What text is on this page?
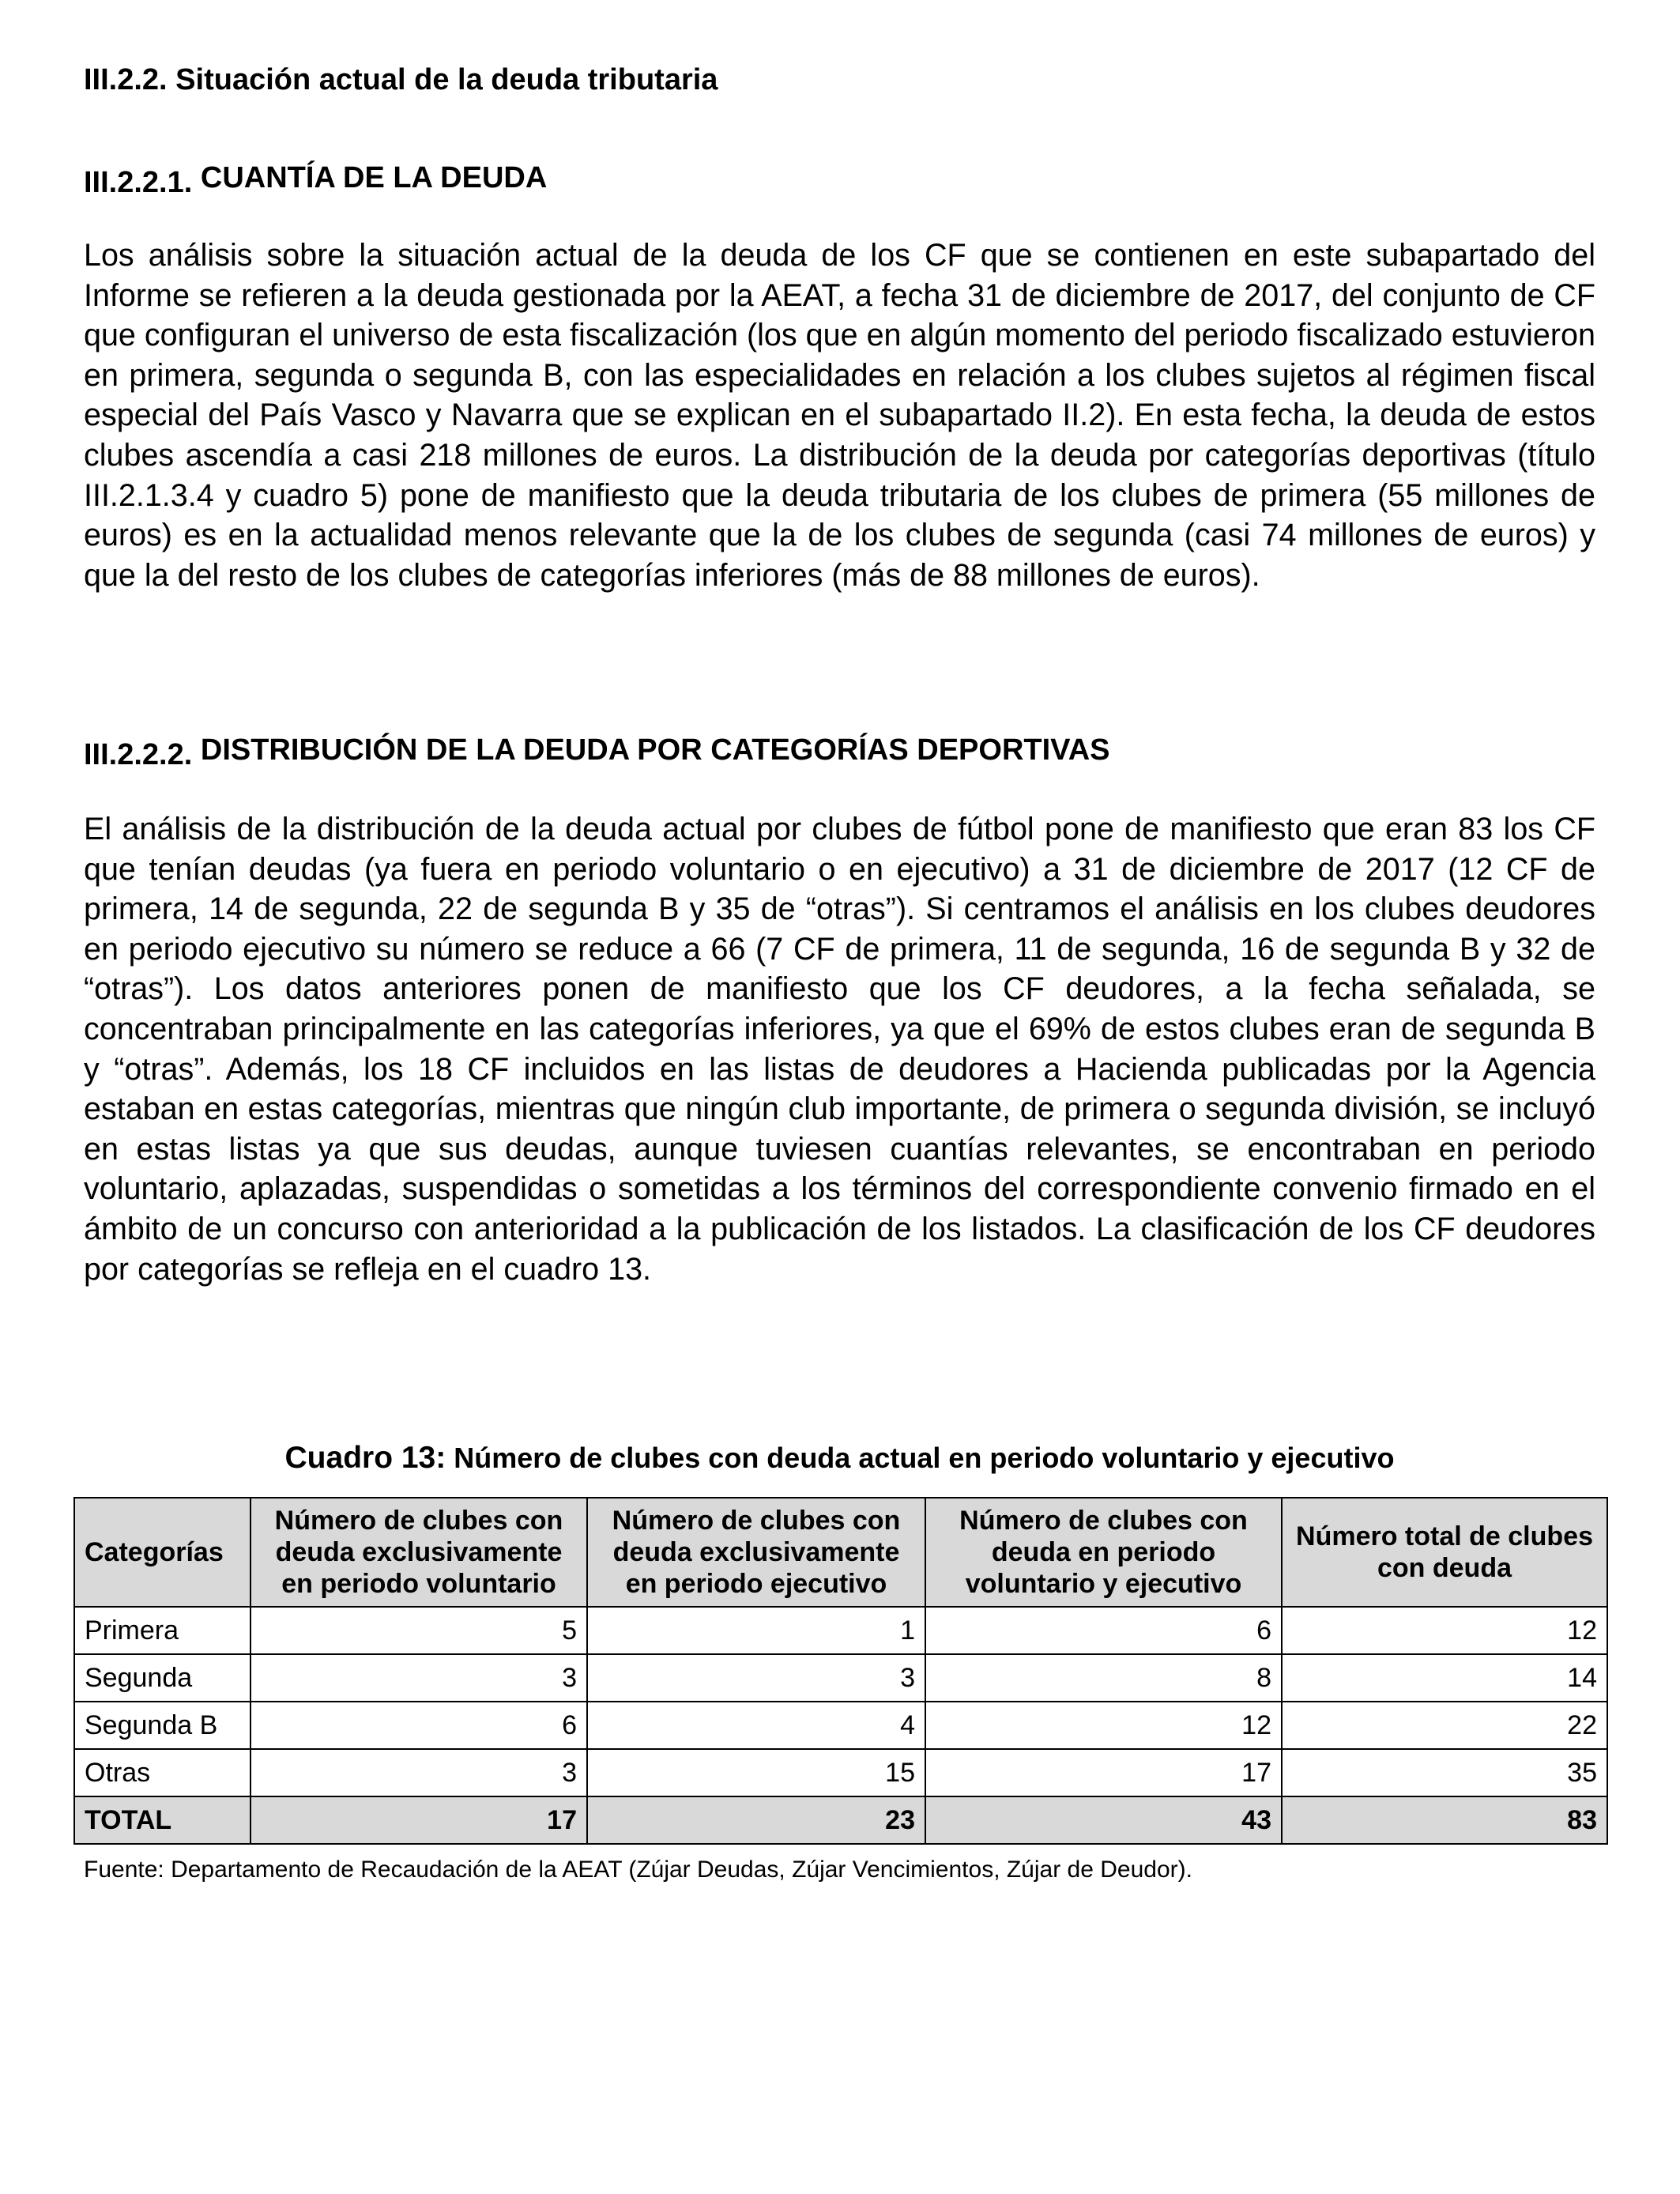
III.2.2. Situación actual de la deuda tributaria
III.2.2.1. CUANTÍA DE LA DEUDA

Los análisis sobre la situación actual de la deuda de los CF que se contienen en este subapartado del Informe se refieren a la deuda gestionada por la AEAT, a fecha 31 de diciembre de 2017, del conjunto de CF que configuran el universo de esta fiscalización (los que en algún momento del periodo fiscalizado estuvieron en primera, segunda o segunda B, con las especialidades en relación a los clubes sujetos al régimen fiscal especial del País Vasco y Navarra que se explican en el subapartado II.2). En esta fecha, la deuda de estos clubes ascendía a casi 218 millones de euros. La distribución de la deuda por categorías deportivas (título III.2.1.3.4 y cuadro 5) pone de manifiesto que la deuda tributaria de los clubes de primera (55 millones de euros) es en la actualidad menos relevante que la de los clubes de segunda (casi 74 millones de euros) y que la del resto de los clubes de categorías inferiores (más de 88 millones de euros).

III.2.2.2. DISTRIBUCIÓN DE LA DEUDA POR CATEGORÍAS DEPORTIVAS

El análisis de la distribución de la deuda actual por clubes de fútbol pone de manifiesto que eran 83 los CF que tenían deudas (ya fuera en periodo voluntario o en ejecutivo) a 31 de diciembre de 2017 (12 CF de primera, 14 de segunda, 22 de segunda B y 35 de “otras”). Si centramos el análisis en los clubes deudores en periodo ejecutivo su número se reduce a 66 (7 CF de primera, 11 de segunda, 16 de segunda B y 32 de “otras”). Los datos anteriores ponen de manifiesto que los CF deudores, a la fecha señalada, se concentraban principalmente en las categorías inferiores, ya que el 69% de estos clubes eran de segunda B y “otras”. Además, los 18 CF incluidos en las listas de deudores a Hacienda publicadas por la Agencia estaban en estas categorías, mientras que ningún club importante, de primera o segunda división, se incluyó en estas listas ya que sus deudas, aunque tuviesen cuantías relevantes, se encontraban en periodo voluntario, aplazadas, suspendidas o sometidas a los términos del correspondiente convenio firmado en el ámbito de un concurso con anterioridad a la publicación de los listados. La clasificación de los CF deudores por categorías se refleja en el cuadro 13.

Cuadro 13: Número de clubes con deuda actual en periodo voluntario y ejecutivo

Categorías	Número de clubes con deuda exclusivamente en periodo voluntario	Número de clubes con deuda exclusivamente en periodo ejecutivo	Número de clubes con deuda en periodo voluntario y ejecutivo	Número total de clubes con deuda
Primera	5	1	6	12
Segunda	3	3	8	14
Segunda B	6	4	12	22
Otras	3	15	17	35
TOTAL	17	23	43	83

Fuente: Departamento de Recaudación de la AEAT (Zújar Deudas, Zújar Vencimientos, Zújar de Deudor).
